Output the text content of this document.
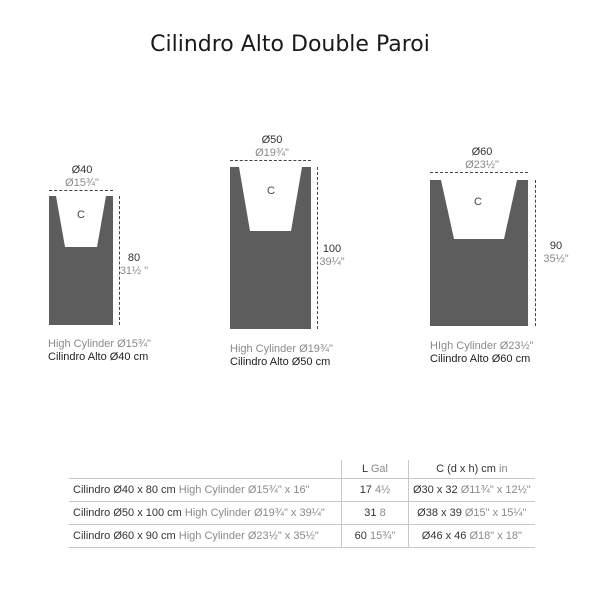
Cilindro Alto Double Paroi
Ø40
Ø15¾"
C
80
31½ "
High Cylinder Ø15¾"
Cilindro Alto Ø40 cm
Ø50
Ø19¾"
C
100
39¼"
High Cylinder Ø19¾"
Cilindro Alto Ø50 cm
Ø60
Ø23½"
C
90
35½"
HIgh Cylinder Ø23½"
Cilindro Alto Ø60 cm
	L Gal	C (d x h) cm in
Cilindro Ø40 x 80 cm High Cylinder Ø15¾" x 16"	17 4½	Ø30 x 32 Ø11¾" x 12½"
Cilindro Ø50 x 100 cm High Cylinder Ø19¾" x 39¼"	31 8	Ø38 x 39 Ø15" x 15¼"
Cilindro Ø60 x 90 cm High Cylinder Ø23½" x 35½"	60 15¾"	Ø46 x 46 Ø18" x 18"
